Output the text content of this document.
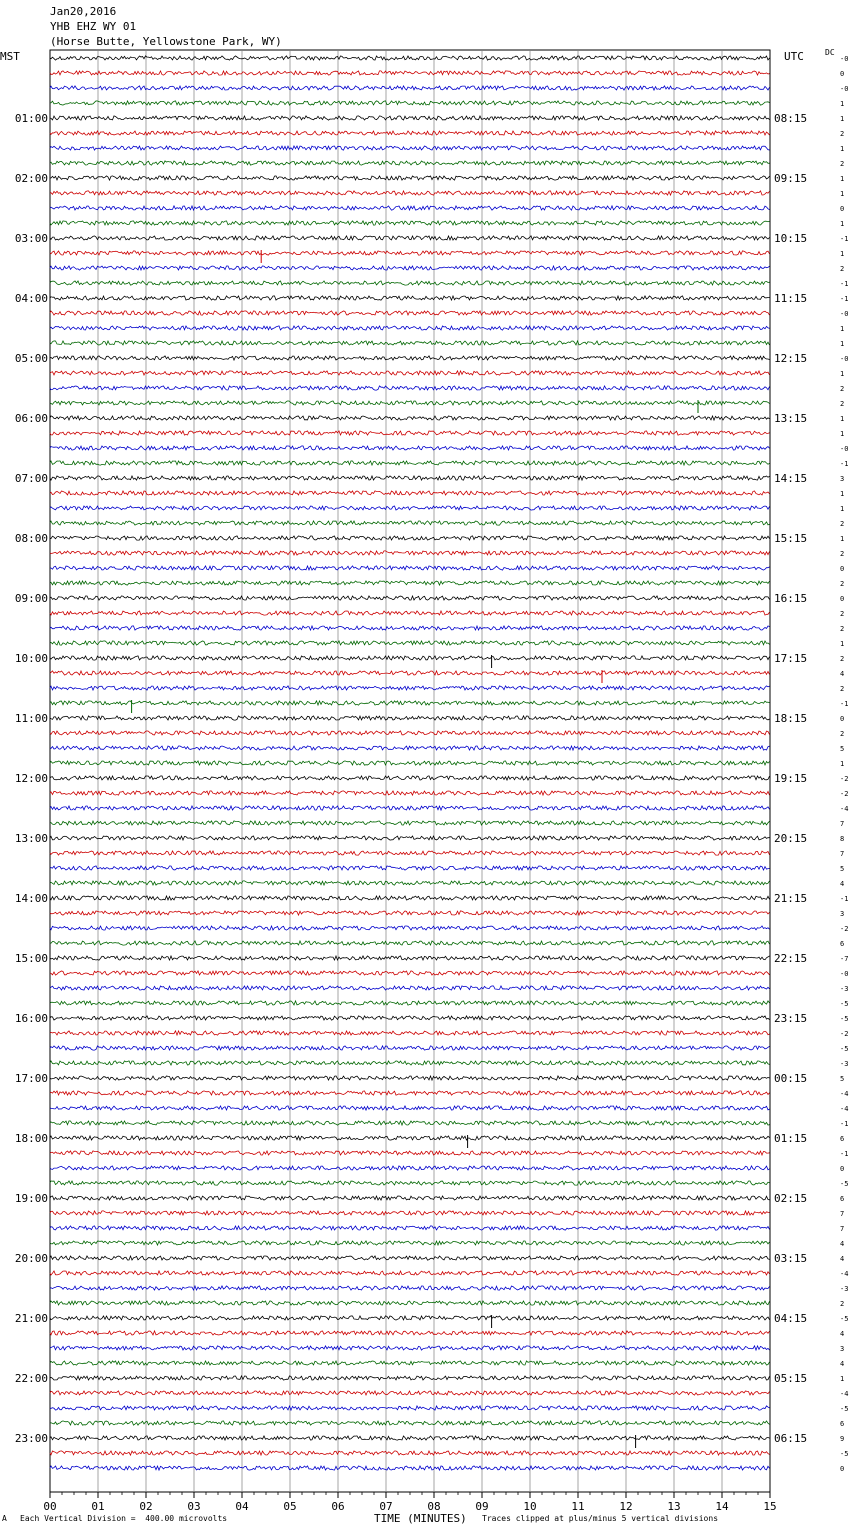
Jan20,2016
YHB EHZ WY 01
(Horse Butte, Yellowstone Park, WY)
MST	UTC	DC
-0
0
-0
1
1
2
1
2
1
1
0
1
-1
1
2
-1
-1
-0
1
1
-0
1
2
2
1
1
-0
-1
3
1
1
2
1
2
0
2
0
2
2
1
2
4
2
-1
0
2
5
1
-2
-2
-4
7
8
7
5
4
-1
3
-2
6
-7
-0
-3
-5
-5
-2
-5
-3
5
-4
-4
-1
6
-1
0
-5
6
7
7
4
4
-4
-3
2
-5
4
3
4
1
-4
-5
6
9
-5
0
01:00
02:00
03:00
04:00
05:00
06:00
07:00
08:00
09:00
10:00
11:00
12:00
13:00
14:00
15:00
16:00
17:00
18:00
19:00
20:00
21:00
22:00
23:00
08:15
09:15
10:15
11:15
12:15
13:15
14:15
15:15
16:15
17:15
18:15
19:15
20:15
21:15
22:15
23:15
00:15
01:15
02:15
03:15
04:15
05:15
06:15
00	01	02	03	04	05	06	07	08	09	10	11	12	13	14	15
A Each Vertical Division =  400.00 microvolts	TIME (MINUTES) Traces clipped at plus/minus 5 vertical divisions
